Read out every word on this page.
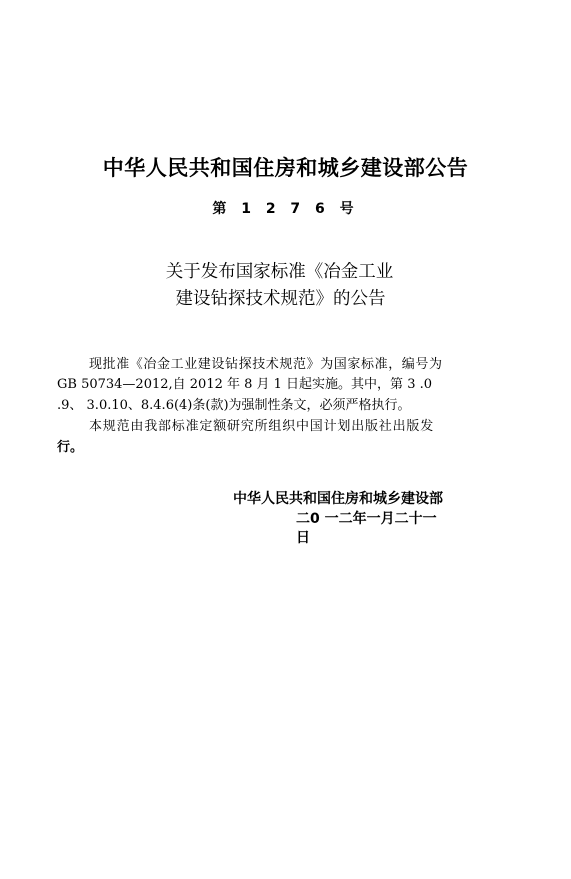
中华人民共和国住房和城乡建设部公告
第 1 2 7 6 号
关于发布国家标准《冶金工业
建设钻探技术规范》的公告
现批准《冶金工业建设钻探技术规范》为国家标准，编号为
GB 50734—2012,自 2012 年 8 月 1 日起实施。其中，第 3 .0
.9、 3.0.10、8.4.6(4)条(款)为强制性条文，必须严格执行。
本规范由我部标准定额研究所组织中国计划出版社出版发
行。
中华人民共和国住房和城乡建设部
二0 一二年一月二十一
日
